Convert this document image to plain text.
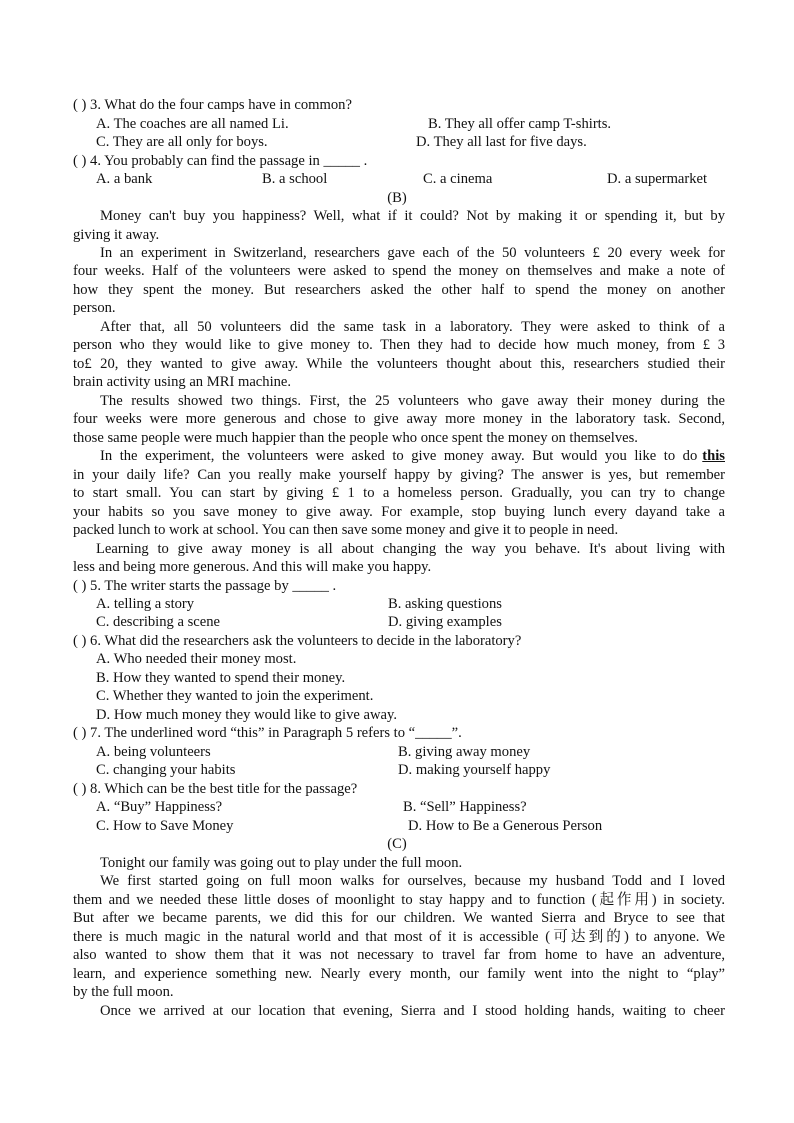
( ) 3. What do the four camps have in common?
A. The coaches are all named Li.	B. They all offer camp T-shirts.
C. They are all only for boys.	D. They all last for five days.
( ) 4. You probably can find the passage in _____ .
A. a bank	B. a school	C. a cinema	D. a supermarket
(B)
Money can't buy you happiness? Well, what if it could? Not by making it or spending it, but by
giving it away.
In an experiment in Switzerland, researchers gave each of the 50 volunteers £ 20 every week for
four weeks. Half of the volunteers were asked to spend the money on themselves and make a note of
how they spent the money. But researchers asked the other half to spend the money on another
person.
After that, all 50 volunteers did the same task in a laboratory. They were asked to think of a
person who they would like to give money to. Then they had to decide how much money, from £ 3
to£ 20, they wanted to give away. While the volunteers thought about this, researchers studied their
brain activity using an MRI machine.
The results showed two things. First, the 25 volunteers who gave away their money during the
four weeks were more generous and chose to give away more money in the laboratory task. Second,
those same people were much happier than the people who once spent the money on themselves.
In the experiment, the volunteers were asked to give money away. But would you like to do this
in your daily life? Can you really make yourself happy by giving? The answer is yes, but remember
to start small. You can start by giving £ 1 to a homeless person. Gradually, you can try to change
your habits so you save money to give away. For example, stop buying lunch every dayand take a
packed lunch to work at school. You can then save some money and give it to people in need.
Learning to give away money is all about changing the way you behave. It's about living with
less and being more generous. And this will make you happy.
( ) 5. The writer starts the passage by _____ .
A. telling a story	B. asking questions
C. describing a scene	D. giving examples
( ) 6. What did the researchers ask the volunteers to decide in the laboratory?
A. Who needed their money most.
B. How they wanted to spend their money.
C. Whether they wanted to join the experiment.
D. How much money they would like to give away.
( ) 7. The underlined word “this” in Paragraph 5 refers to “_____”.
A. being volunteers	B. giving away money
C. changing your habits	D. making yourself happy
( ) 8. Which can be the best title for the passage?
A. “Buy” Happiness?	B. “Sell” Happiness?
C. How to Save Money	D. How to Be a Generous Person
(C)
Tonight our family was going out to play under the full moon.
We first started going on full moon walks for ourselves, because my husband Todd and I loved
them and we needed these little doses of moonlight to stay happy and to function (起作用) in society.
But after we became parents, we did this for our children. We wanted Sierra and Bryce to see that
there is much magic in the natural world and that most of it is accessible (可达到的) to anyone. We
also wanted to show them that it was not necessary to travel far from home to have an adventure,
learn, and experience something new. Nearly every month, our family went into the night to “play”
by the full moon.
Once we arrived at our location that evening, Sierra and I stood holding hands, waiting to cheer
